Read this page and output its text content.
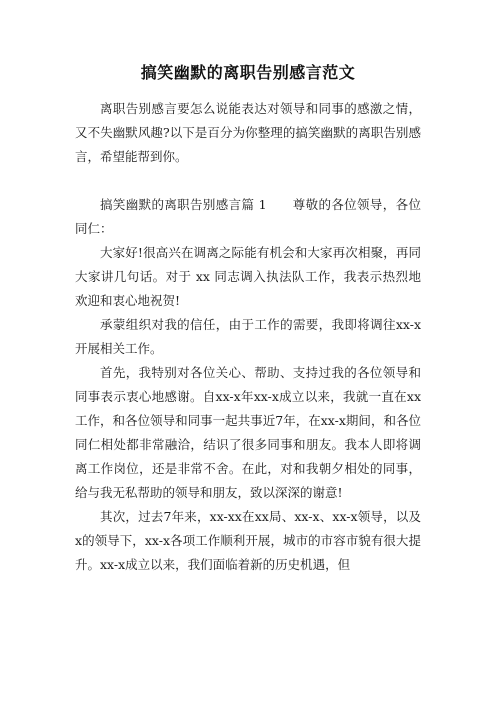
搞笑幽默的离职告别感言范文

离职告别感言要怎么说能表达对领导和同事的感激之情，又不失幽默风趣?以下是百分为你整理的搞笑幽默的离职告别感言，希望能帮到你。

搞笑幽默的离职告别感言篇 1　　尊敬的各位领导，各位同仁：

大家好!很高兴在调离之际能有机会和大家再次相聚，再同大家讲几句话。对于 xx 同志调入执法队工作，我表示热烈地欢迎和衷心地祝贺!

承蒙组织对我的信任，由于工作的需要，我即将调往xx-x开展相关工作。

首先，我特别对各位关心、帮助、支持过我的各位领导和同事表示衷心地感谢。自xx-x年xx-x成立以来，我就一直在xx工作，和各位领导和同事一起共事近7年，在xx-x期间，和各位同仁相处都非常融洽，结识了很多同事和朋友。我本人即将调离工作岗位，还是非常不舍。在此，对和我朝夕相处的同事，给与我无私帮助的领导和朋友，致以深深的谢意!

其次，过去7年来，xx-xx在xx局、xx-x、xx-x领导，以及x的领导下，xx-x各项工作顺利开展，城市的市容市貌有很大提升。xx-x成立以来，我们面临着新的历史机遇，但
